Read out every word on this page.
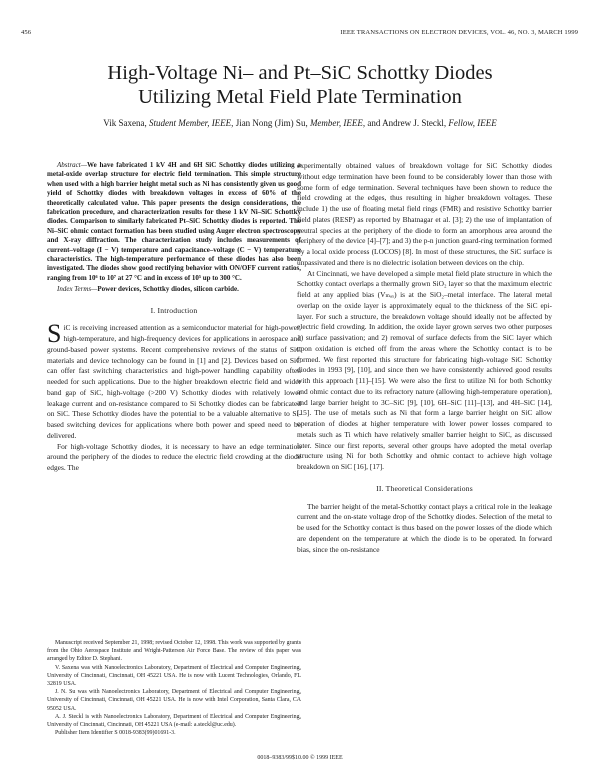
456	IEEE TRANSACTIONS ON ELECTRON DEVICES, VOL. 46, NO. 3, MARCH 1999
High-Voltage Ni– and Pt–SiC Schottky Diodes
Utilizing Metal Field Plate Termination
Vik Saxena, Student Member, IEEE, Jian Nong (Jim) Su, Member, IEEE, and Andrew J. Steckl, Fellow, IEEE

Abstract—We have fabricated 1 kV 4H and 6H SiC Schottky diodes utilizing a metal-oxide overlap structure for electric field termination. This simple structure when used with a high barrier height metal such as Ni has consistently given us good yield of Schottky diodes with breakdown voltages in excess of 60% of the theoretically calculated value. This paper presents the design considerations, the fabrication procedure, and characterization results for these 1 kV Ni–SiC Schottky diodes. Comparison to similarly fabricated Pt–SiC Schottky diodes is reported. The Ni–SiC ohmic contact formation has been studied using Auger electron spectroscopy and X-ray diffraction. The characterization study includes measurements of current–voltage (I − V) temperature and capacitance–voltage (C − V) temperature characteristics. The high-temperature performance of these diodes has also been investigated. The diodes show good rectifying behavior with ON/OFF current ratios, ranging from 10⁶ to 10⁷ at 27 °C and in excess of 10⁵ up to 300 °C.

Index Terms—Power devices, Schottky diodes, silicon carbide.

I. Introduction

SiC is receiving increased attention as a semiconductor material for high-power, high-temperature, and high-frequency devices for applications in aerospace and ground-based power systems. Recent comprehensive reviews of the status of SiC materials and device technology can be found in [1] and [2]. Devices based on SiC can offer fast switching characteristics and high-power handling capability often needed for such applications. Due to the higher breakdown electric field and wider band gap of SiC, high-voltage (>200 V) Schottky diodes with relatively lower leakage current and on-resistance compared to Si Schottky diodes can be fabricated on SiC. These Schottky diodes have the potential to be a valuable alternative to Si-based switching devices for applications where both power and speed need to be delivered.

For high-voltage Schottky diodes, it is necessary to have an edge termination around the periphery of the diodes to reduce the electric field crowding at the diode edges. The

Manuscript received September 21, 1998; revised October 12, 1998. This work was supported by grants from the Ohio Aerospace Institute and Wright-Patterson Air Force Base. The review of this paper was arranged by Editor D. Stephani.

V. Saxena was with Nanoelectronics Laboratory, Department of Electrical and Computer Engineering, University of Cincinnati, Cincinnati, OH 45221 USA. He is now with Lucent Technologies, Orlando, FL 32819 USA.

J. N. Su was with Nanoelectronics Laboratory, Department of Electrical and Computer Engineering, University of Cincinnati, Cincinnati, OH 45221 USA. He is now with Intel Corporation, Santa Clara, CA 95052 USA.

A. J. Steckl is with Nanoelectronics Laboratory, Department of Electrical and Computer Engineering, University of Cincinnati, Cincinnati, OH 45221 USA (e-mail: a.steckl@uc.edu).

Publisher Item Identifier S 0018-9383(99)01691-3.

experimentally obtained values of breakdown voltage for SiC Schottky diodes without edge termination have been found to be considerably lower than those with some form of edge termination. Several techniques have been shown to reduce the field crowding at the edges, thus resulting in higher breakdown voltages. These include 1) the use of floating metal field rings (FMR) and resistive Schottky barrier field plates (RESP) as reported by Bhatnagar et al. [3]; 2) the use of implantation of neutral species at the periphery of the diode to form an amorphous area around the periphery of the device [4]–[7]; and 3) the p-n junction guard-ring termination formed by a local oxide process (LOCOS) [8]. In most of these structures, the SiC surface is unpassivated and there is no dielectric isolation between devices on the chip.

At Cincinnati, we have developed a simple metal field plate structure in which the Schottky contact overlaps a thermally grown SiO₂ layer so that the maximum electric field at any applied bias (Vₘₐₓ) is at the SiO₂–metal interface. The lateral metal overlap on the oxide layer is approximately equal to the thickness of the SiC epi-layer. For such a structure, the breakdown voltage should ideally not be affected by electric field crowding. In addition, the oxide layer grown serves two other purposes 1) surface passivation; and 2) removal of surface defects from the SiC layer which upon oxidation is etched off from the areas where the Schottky contact is to be formed. We first reported this structure for fabricating high-voltage SiC Schottky diodes in 1993 [9], [10], and since then we have consistently achieved good results with this approach [11]–[15]. We were also the first to utilize Ni for both Schottky and ohmic contact due to its refractory nature (allowing high-temperature operation), and large barrier height to 3C–SiC [9], [10], 6H–SiC [11]–[13], and 4H–SiC [14], [15]. The use of metals such as Ni that form a large barrier height on SiC allow operation of diodes at higher temperature with lower power losses compared to metals such as Ti which have relatively smaller barrier height to SiC, as discussed later. Since our first reports, several other groups have adopted the metal overlap structure using Ni for both Schottky and ohmic contact to achieve high voltage breakdown on SiC [16], [17].

II. Theoretical Considerations

The barrier height of the metal-Schottky contact plays a critical role in the leakage current and the on-state voltage drop of the Schottky diodes. Selection of the metal to be used for the Schottky contact is thus based on the power losses of the diode which are dependent on the temperature at which the diode is to be operated. In forward bias, since the on-resistance

0018–9383/99$10.00 © 1999 IEEE
